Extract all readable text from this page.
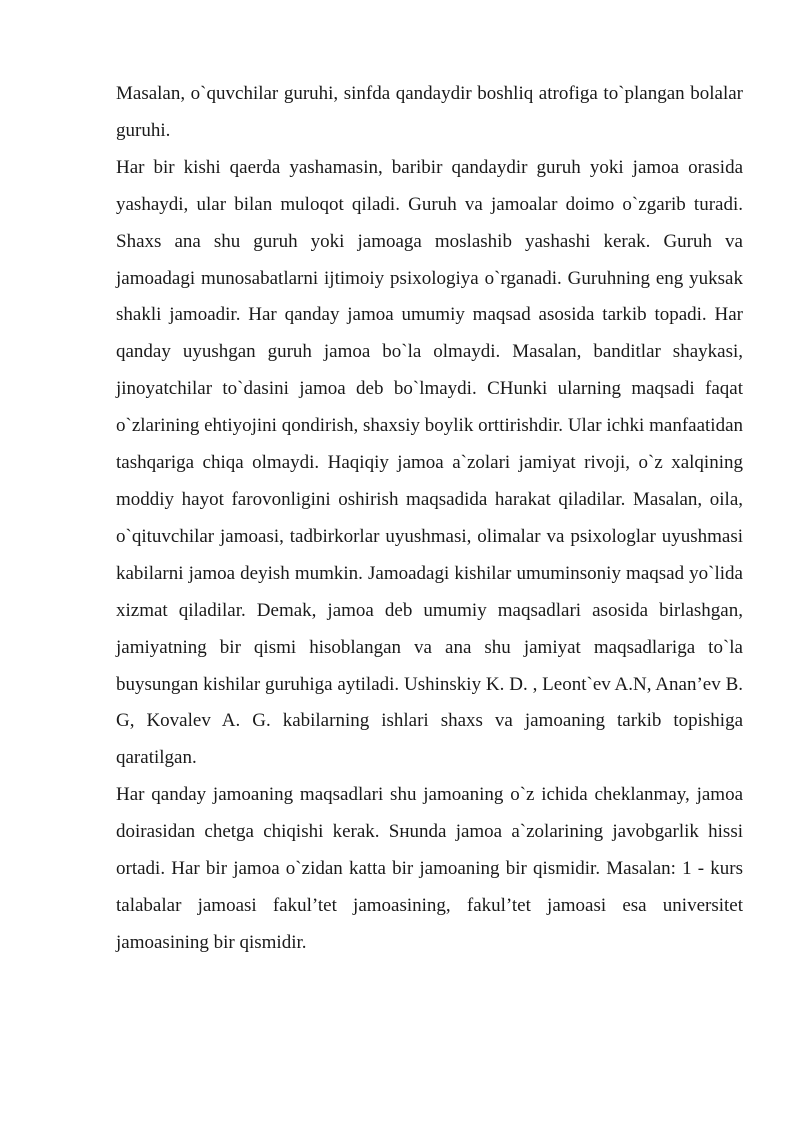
Masalan, o`quvchilar guruhi, sinfda qandaydir boshliq atrofiga to`plangan bolalar guruhi.

Har bir kishi qaerda yashamasin, baribir qandaydir guruh yoki jamoa orasida yashaydi, ular bilan muloqot qiladi. Guruh va jamoalar doimo o`zgarib turadi. Shaxs ana shu guruh yoki jamoaga moslashib yashashi kerak. Guruh va jamoadagi munosabatlarni ijtimoiy psixologiya o`rganadi. Guruhning eng yuksak shakli jamoadir. Har qanday jamoa umumiy maqsad asosida tarkib topadi. Har qanday uyushgan guruh jamoa bo`la olmaydi. Masalan, banditlar shaykasi, jinoyatchilar to`dasini jamoa deb bo`lmaydi. CHunki ularning maqsadi faqat o`zlarining ehtiyojini qondirish, shaxsiy boylik orttirishdir. Ular ichki manfaatidan tashqariga chiqa olmaydi. Haqiqiy jamoa a`zolari jamiyat rivoji, o`z xalqining moddiy hayot farovonligini oshirish maqsadida harakat qiladilar. Masalan, oila, o`qituvchilar jamoasi, tadbirkorlar uyushmasi, olimalar va psixologlar uyushmasi kabilarni jamoa deyish mumkin. Jamoadagi kishilar umuminsoniy maqsad yo`lida xizmat qiladilar. Demak, jamoa deb umumiy maqsadlari asosida birlashgan, jamiyatning bir qismi hisoblangan va ana shu jamiyat maqsadlariga to`la buysungan kishilar guruhiga aytiladi. Ushinskiy K. D. , Leont`ev A.N, Anan’ev B. G, Kovalev A. G. kabilarning ishlari shaxs va jamoaning tarkib topishiga qaratilgan.

Har qanday jamoaning maqsadlari shu jamoaning o`z ichida cheklanmay, jamoa doirasidan chetga chiqishi kerak. Sнunda jamoa a`zolarining javobgarlik hissi ortadi. Har bir jamoa o`zidan katta bir jamoaning bir qismidir. Masalan: 1 - kurs talabalar jamoasi fakul’tet jamoasining, fakul’tet jamoasi esa universitet jamoasining bir qismidir.
